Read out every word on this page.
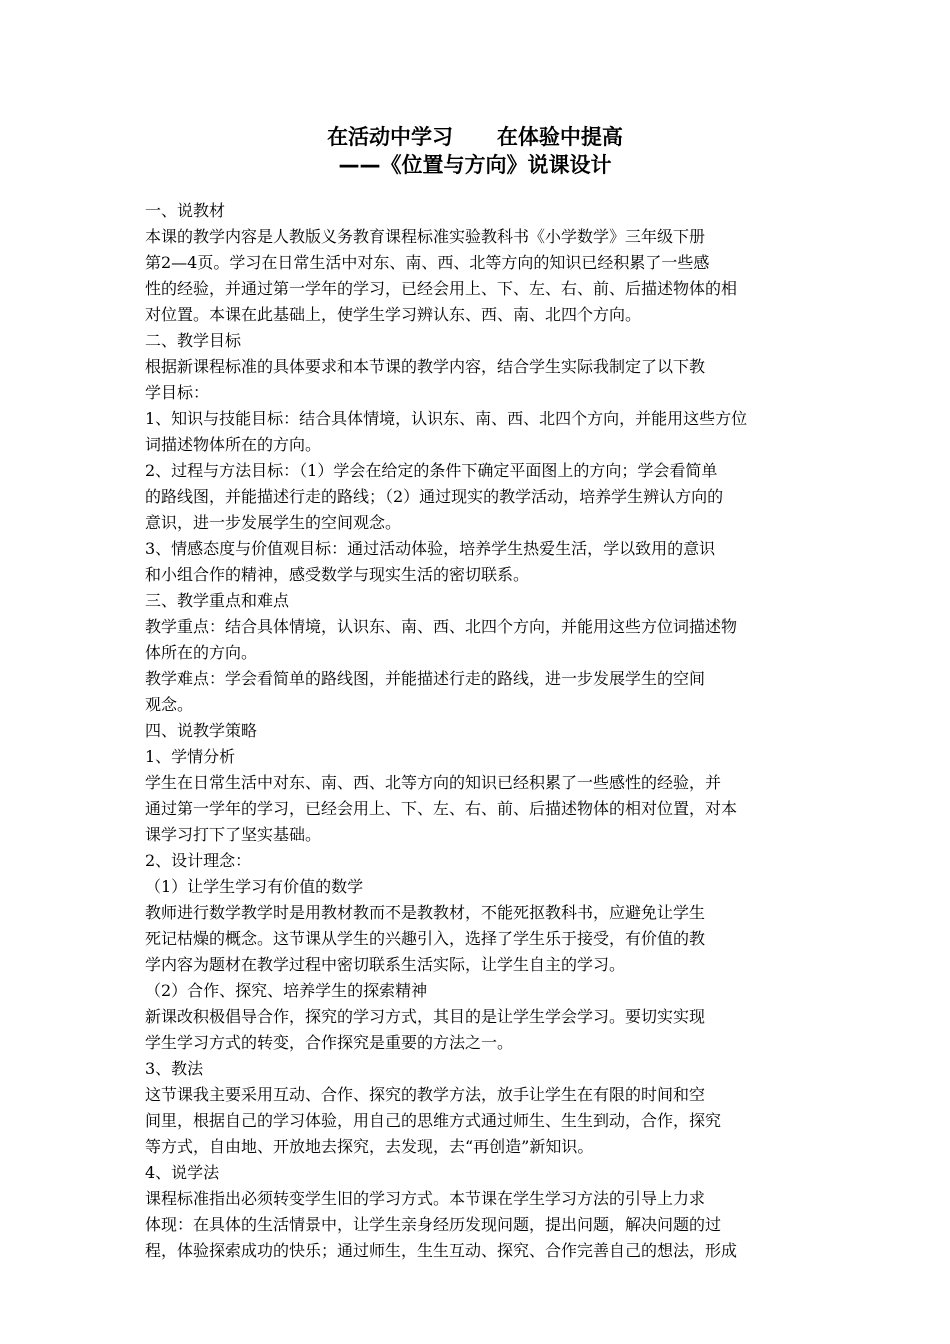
在活动中学习      在体验中提高
——《位置与方向》说课设计
一、说教材
本课的教学内容是人教版义务教育课程标准实验教科书《小学数学》三年级下册
第2—4页。学习在日常生活中对东、南、西、北等方向的知识已经积累了一些感
性的经验，并通过第一学年的学习，已经会用上、下、左、右、前、后描述物体的相
对位置。本课在此基础上，使学生学习辨认东、西、南、北四个方向。
二、教学目标
根据新课程标准的具体要求和本节课的教学内容，结合学生实际我制定了以下教
学目标：
1、知识与技能目标：结合具体情境，认识东、南、西、北四个方向，并能用这些方位
词描述物体所在的方向。
2、过程与方法目标：（1）学会在给定的条件下确定平面图上的方向；学会看简单
的路线图，并能描述行走的路线；（2）通过现实的教学活动，培养学生辨认方向的
意识，进一步发展学生的空间观念。
3、情感态度与价值观目标：通过活动体验，培养学生热爱生活，学以致用的意识
和小组合作的精神，感受数学与现实生活的密切联系。
三、教学重点和难点
教学重点：结合具体情境，认识东、南、西、北四个方向，并能用这些方位词描述物
体所在的方向。
教学难点：学会看简单的路线图，并能描述行走的路线，进一步发展学生的空间
观念。
四、说教学策略
1、学情分析
学生在日常生活中对东、南、西、北等方向的知识已经积累了一些感性的经验，并
通过第一学年的学习，已经会用上、下、左、右、前、后描述物体的相对位置，对本
课学习打下了坚实基础。
2、设计理念：
（1）让学生学习有价值的数学
教师进行数学教学时是用教材教而不是教教材，不能死抠教科书，应避免让学生
死记枯燥的概念。这节课从学生的兴趣引入，选择了学生乐于接受，有价值的教
学内容为题材在教学过程中密切联系生活实际，让学生自主的学习。
（2）合作、探究、培养学生的探索精神
新课改积极倡导合作，探究的学习方式，其目的是让学生学会学习。要切实实现
学生学习方式的转变，合作探究是重要的方法之一。
3、教法
这节课我主要采用互动、合作、探究的教学方法，放手让学生在有限的时间和空
间里，根据自己的学习体验，用自己的思维方式通过师生、生生到动，合作，探究
等方式，自由地、开放地去探究，去发现，去“再创造”新知识。
4、说学法
课程标准指出必须转变学生旧的学习方式。本节课在学生学习方法的引导上力求
体现：在具体的生活情景中，让学生亲身经历发现问题，提出问题，解决问题的过
程，体验探索成功的快乐；通过师生，生生互动、探究、合作完善自己的想法，形成
